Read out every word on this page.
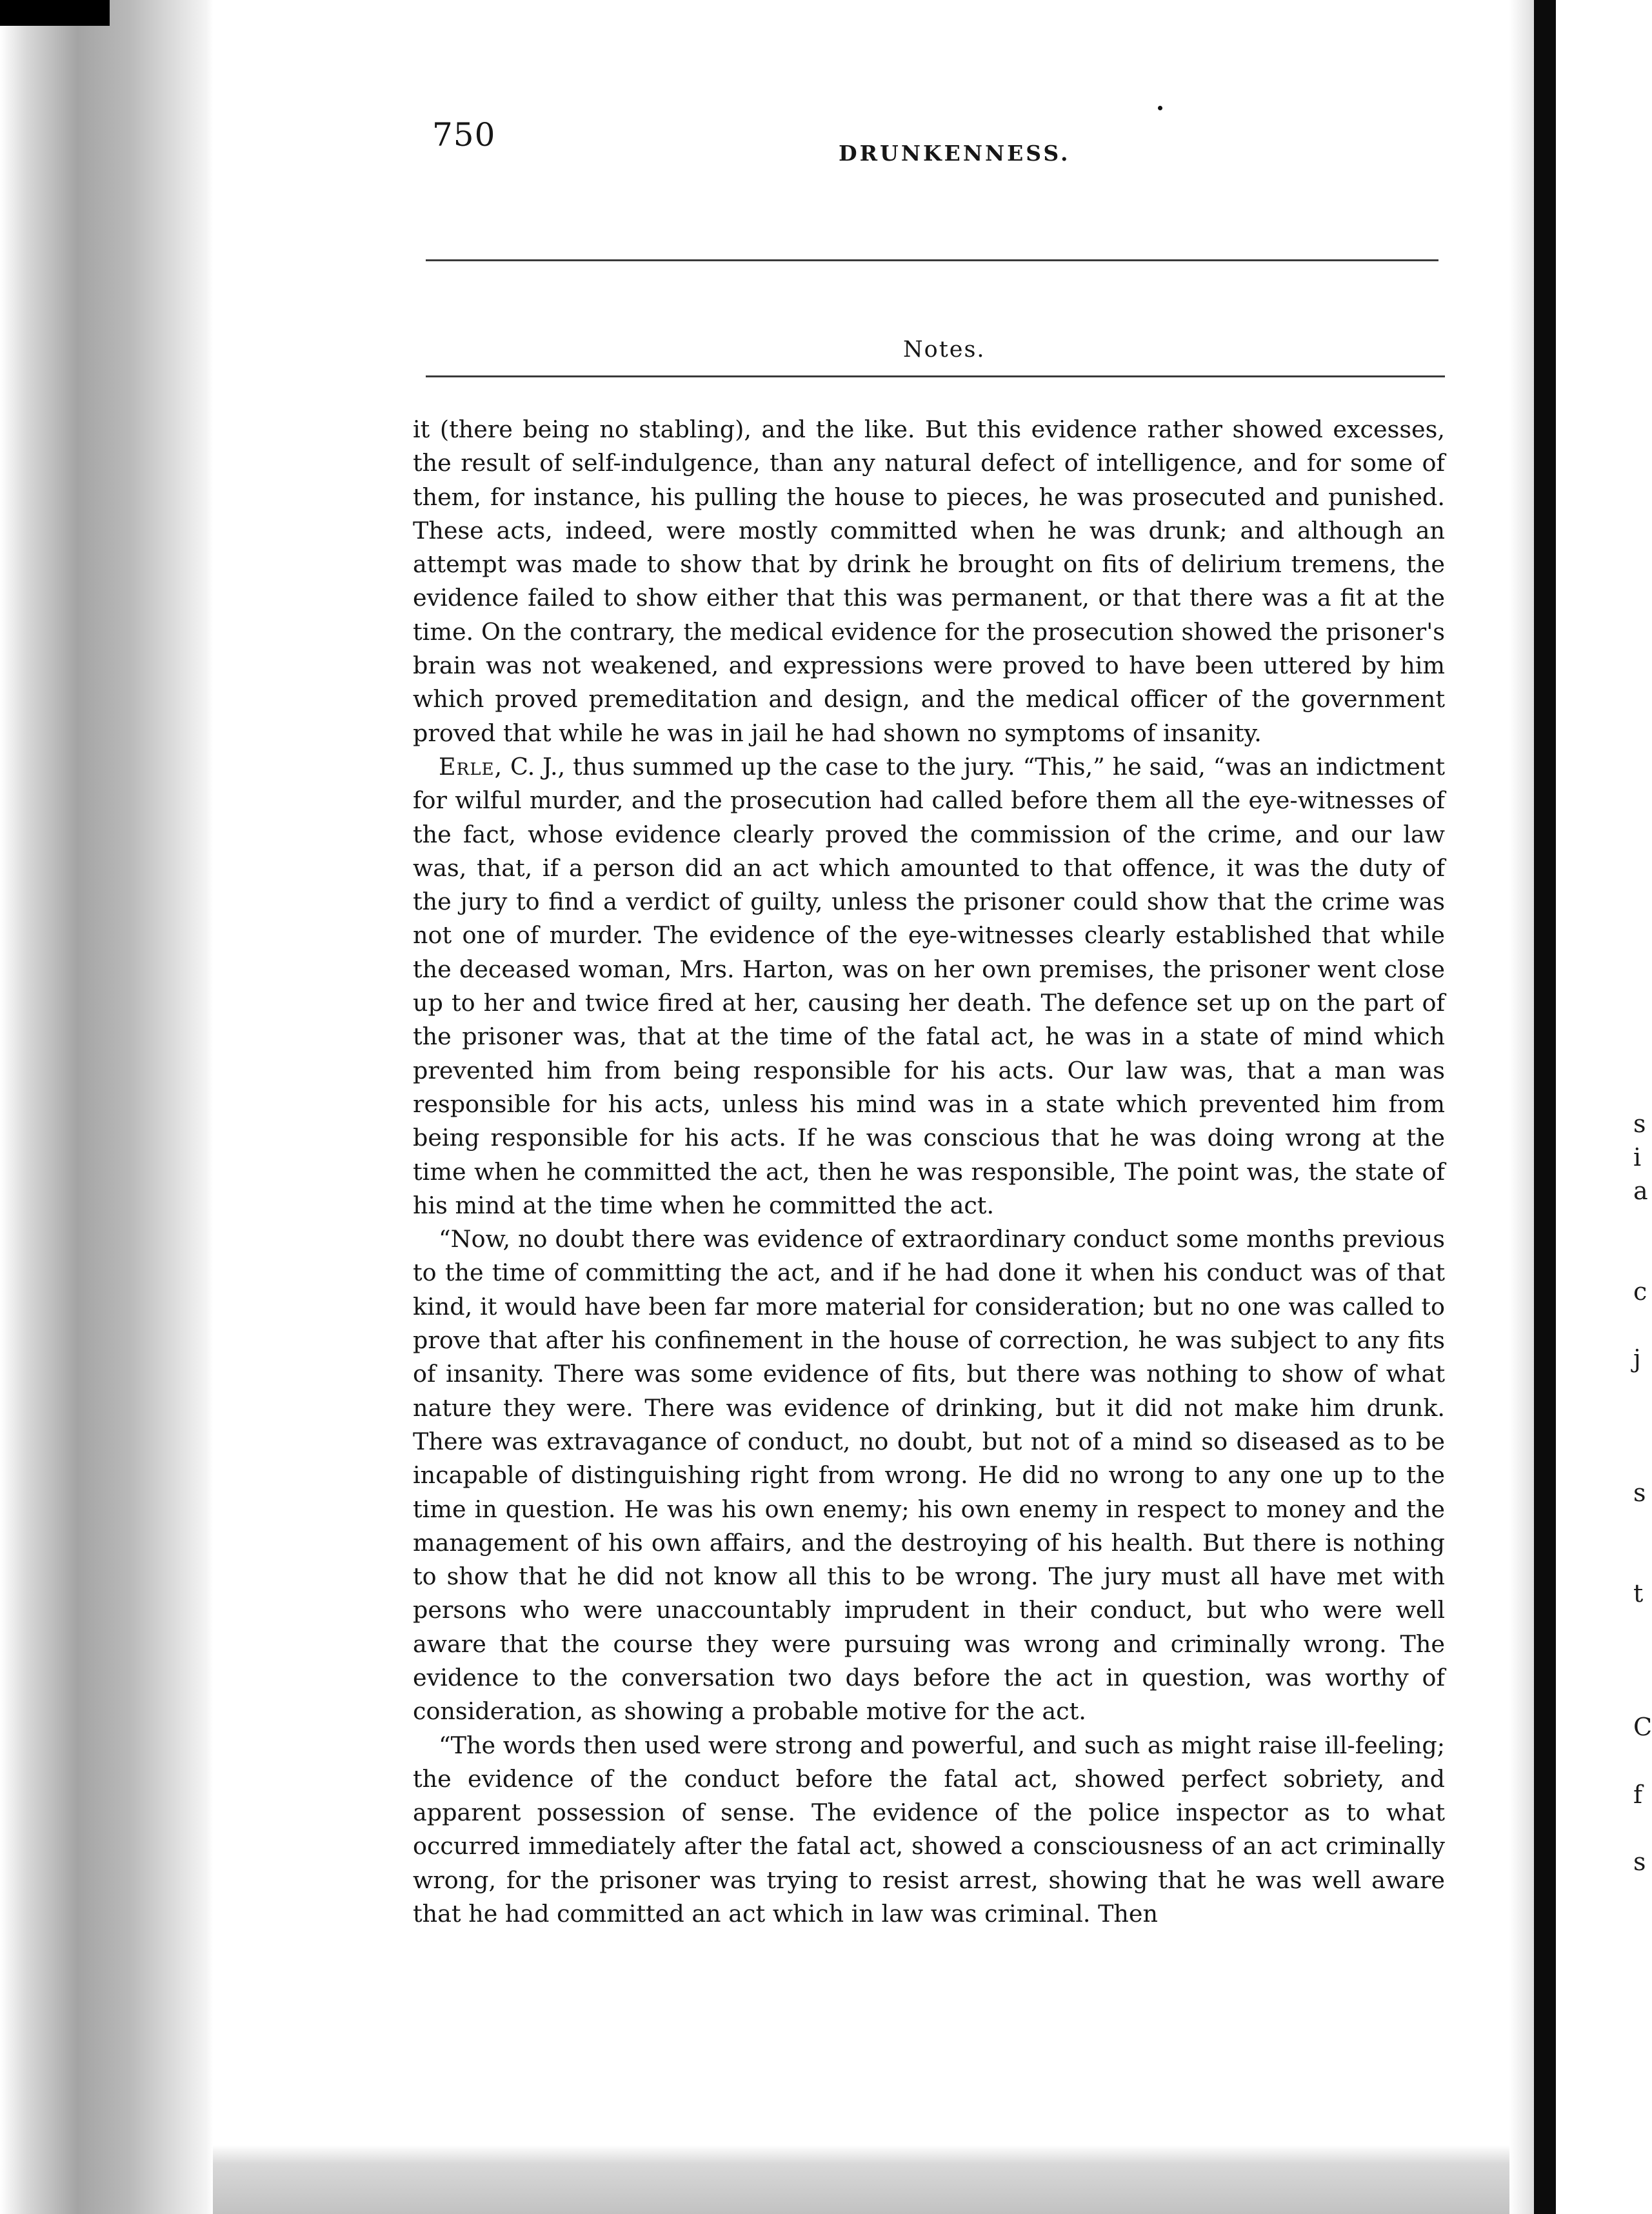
s
i
a
c
j
s
t
C
f
s
750	DRUNKENNESS.
Notes.

it (there being no stabling), and the like. But this evidence rather showed excesses, the result of self-indulgence, than any natural defect of intelligence, and for some of them, for instance, his pulling the house to pieces, he was prosecuted and punished. These acts, indeed, were mostly committed when he was drunk; and although an attempt was made to show that by drink he brought on fits of delirium tremens, the evidence failed to show either that this was permanent, or that there was a fit at the time. On the contrary, the medical evidence for the prosecution showed the prisoner's brain was not weakened, and expressions were proved to have been uttered by him which proved premeditation and design, and the medical officer of the government proved that while he was in jail he had shown no symptoms of insanity.

Erle, C. J., thus summed up the case to the jury. “This,” he said, “was an indictment for wilful murder, and the prosecution had called before them all the eye-witnesses of the fact, whose evidence clearly proved the commission of the crime, and our law was, that, if a person did an act which amounted to that offence, it was the duty of the jury to find a verdict of guilty, unless the prisoner could show that the crime was not one of murder. The evidence of the eye-witnesses clearly established that while the deceased woman, Mrs. Harton, was on her own premises, the prisoner went close up to her and twice fired at her, causing her death. The defence set up on the part of the prisoner was, that at the time of the fatal act, he was in a state of mind which prevented him from being responsible for his acts. Our law was, that a man was responsible for his acts, unless his mind was in a state which prevented him from being responsible for his acts. If he was conscious that he was doing wrong at the time when he committed the act, then he was responsible, The point was, the state of his mind at the time when he committed the act.

“Now, no doubt there was evidence of extraordinary conduct some months previous to the time of committing the act, and if he had done it when his conduct was of that kind, it would have been far more material for consideration; but no one was called to prove that after his confinement in the house of correction, he was subject to any fits of insanity. There was some evidence of fits, but there was nothing to show of what nature they were. There was evidence of drinking, but it did not make him drunk. There was extravagance of conduct, no doubt, but not of a mind so diseased as to be incapable of distinguishing right from wrong. He did no wrong to any one up to the time in question. He was his own enemy; his own enemy in respect to money and the management of his own affairs, and the destroying of his health. But there is nothing to show that he did not know all this to be wrong. The jury must all have met with persons who were unaccountably imprudent in their conduct, but who were well aware that the course they were pursuing was wrong and criminally wrong. The evidence to the conversation two days before the act in question, was worthy of consideration, as showing a probable motive for the act.

“The words then used were strong and powerful, and such as might raise ill-feeling; the evidence of the conduct before the fatal act, showed perfect sobriety, and apparent possession of sense. The evidence of the police inspector as to what occurred immediately after the fatal act, showed a consciousness of an act criminally wrong, for the prisoner was trying to resist arrest, showing that he was well aware that he had committed an act which in law was criminal. Then
